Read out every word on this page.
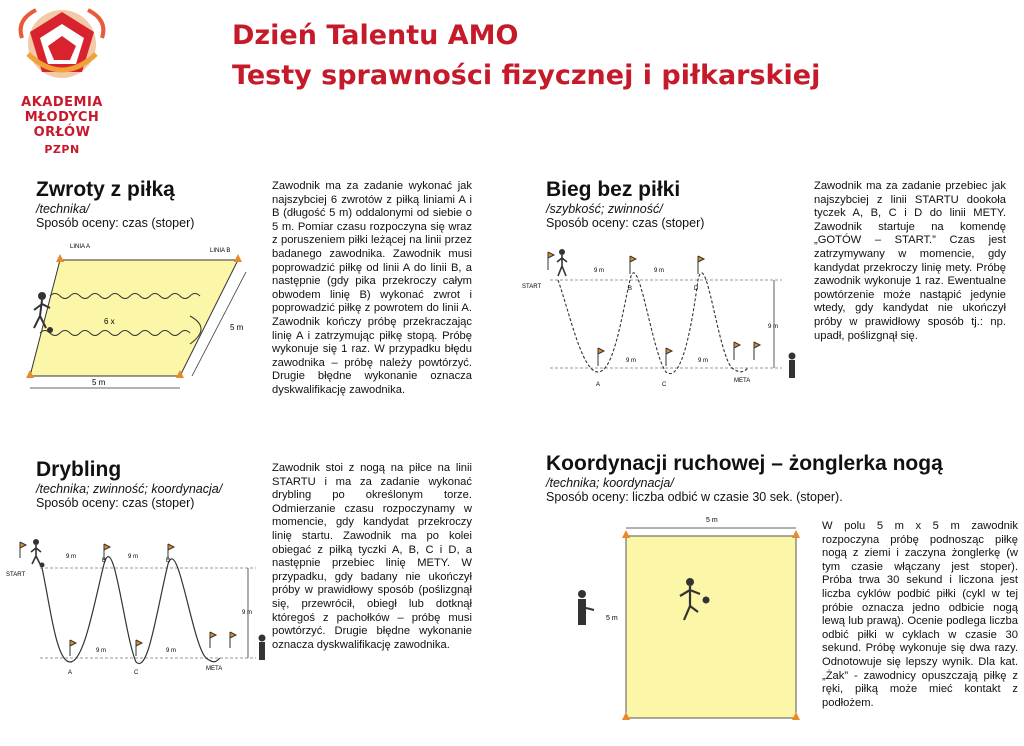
AKADEMIA
MŁODYCH ORŁÓW
PZPN
Dzień Talentu AMO
Testy sprawności fizycznej i piłkarskiej
Zwroty z piłką
/technika/
Sposób oceny: czas (stoper)
LINIA A
LINIA B
6 x
5 m
5 m
Zawodnik ma za zadanie wykonać jak najszybciej 6 zwrotów z piłką liniami A i B (długość 5 m) oddalonymi od siebie o 5 m. Pomiar czasu rozpoczyna się wraz z poruszeniem piłki leżącej na linii przez badanego zawodnika. Zawodnik musi poprowadzić piłkę od linii A do linii B, a następnie (gdy pika przekroczy całym obwodem linię B) wykonać zwrot i poprowadzić piłkę z powrotem do linii A. Zawodnik kończy próbę przekraczając linię A i zatrzymując piłkę stopą. Próbę wykonuje się 1 raz. W przypadku błędu zawodnika – próbę należy powtórzyć. Drugie błędne wykonanie oznacza dyskwalifikację zawodnika.
Drybling
/technika; zwinność; koordynacja/
Sposób oceny: czas (stoper)
START
A
B
C
D
META
9 m	9 m
9 m	9 m
9 m
Zawodnik stoi z nogą na piłce na linii STARTU i ma za zadanie wykonać drybling po określonym torze. Odmierzanie czasu rozpoczynamy w momencie, gdy kandydat przekroczy linię startu. Zawodnik ma po kolei obiegać z piłką tyczki A, B, C i D, a następnie przebiec linię METY. W przypadku, gdy badany nie ukończył próby w prawidłowy sposób (poślizgnął się, przewrócił, obiegł lub dotknął któregoś z pachołków – próbę musi powtórzyć. Drugie błędne wykonanie oznacza dyskwalifikację zawodnika.
Bieg bez piłki
/szybkość; zwinność/
Sposób oceny: czas (stoper)
START
A
B
C
D
META
9 m	9 m
9 m	9 m
9 m
Zawodnik ma za zadanie przebiec jak najszybciej z linii STARTU dookoła tyczek A, B, C i D do linii METY. Zawodnik startuje na komendę „GOTÓW – START.” Czas jest zatrzymywany w momencie, gdy kandydat przekroczy linię mety. Próbę zawodnik wykonuje 1 raz. Ewentualne powtórzenie może nastąpić jedynie wtedy, gdy kandydat nie ukończył próby w prawidłowy sposób tj.: np. upadł, poślizgnął się.
Koordynacji ruchowej – żonglerka nogą
/technika; koordynacja/
Sposób oceny: liczba odbić w czasie 30 sek. (stoper).
5 m
5 m
W polu 5 m x 5 m zawodnik rozpoczyna próbę podnosząc piłkę nogą z ziemi i zaczyna żonglerkę (w tym czasie włączany jest stoper). Próba trwa 30 sekund i liczona jest liczba cyklów podbić piłki (cykl w tej próbie oznacza jedno odbicie nogą lewą lub prawą). Ocenie podlega liczba odbić piłki w cyklach w czasie 30 sekund. Próbę wykonuje się dwa razy. Odnotowuje się lepszy wynik. Dla kat. „Żak” - zawodnicy opuszczają piłkę z ręki, piłką może mieć kontakt z podłożem.
